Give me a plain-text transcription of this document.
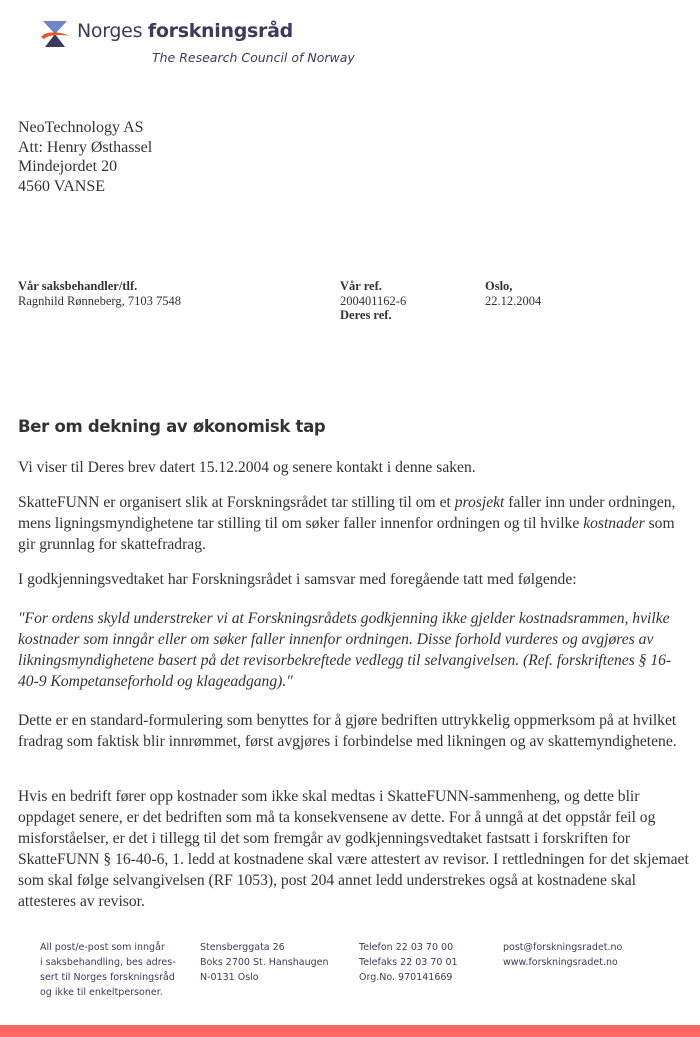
Norges forskningsråd
The Research Council of Norway
NeoTechnology AS
Att: Henry Østhassel
Mindejordet 20
4560 VANSE
Vår saksbehandler/tlf.
Ragnhild Rønneberg, 7103 7548
Vår ref.
200401162-6
Deres ref.
Oslo,
22.12.2004
Ber om dekning av økonomisk tap
Vi viser til Deres brev datert 15.12.2004 og senere kontakt i denne saken.
SkatteFUNN er organisert slik at Forskningsrådet tar stilling til om et prosjekt faller inn under ordningen, mens ligningsmyndighetene tar stilling til om søker faller innenfor ordningen og til hvilke kostnader som gir grunnlag for skattefradrag.
I godkjenningsvedtaket har Forskningsrådet i samsvar med foregående tatt med følgende:
"For ordens skyld understreker vi at Forskningsrådets godkjenning ikke gjelder kostnadsrammen, hvilke kostnader som inngår eller om søker faller innenfor ordningen. Disse forhold vurderes og avgjøres av likningsmyndighetene basert på det revisorbekreftede vedlegg til selvangivelsen. (Ref. forskriftenes § 16-40-9 Kompetanseforhold og klageadgang)."
Dette er en standard-formulering som benyttes for å gjøre bedriften uttrykkelig oppmerksom på at hvilket fradrag som faktisk blir innrømmet, først avgjøres i forbindelse med likningen og av skattemyndighetene.
Hvis en bedrift fører opp kostnader som ikke skal medtas i SkatteFUNN-sammenheng, og dette blir oppdaget senere, er det bedriften som må ta konsekvensene av dette. For å unngå at det oppstår feil og misforståelser, er det i tillegg til det som fremgår av godkjenningsvedtaket fastsatt i forskriften for SkatteFUNN § 16-40-6, 1. ledd at kostnadene skal være attestert av revisor. I rettledningen for det skjemaet som skal følge selvangivelsen (RF 1053), post 204 annet ledd understrekes også at kostnadene skal attesteres av revisor.
All post/e-post som inngår
i saksbehandling, bes adres-
sert til Norges forskningsråd
og ikke til enkeltpersoner.
Stensberggata 26
Boks 2700 St. Hanshaugen
N-0131 Oslo
Telefon 22 03 70 00
Telefaks 22 03 70 01
Org.No. 970141669
post@forskningsradet.no
www.forskningsradet.no
